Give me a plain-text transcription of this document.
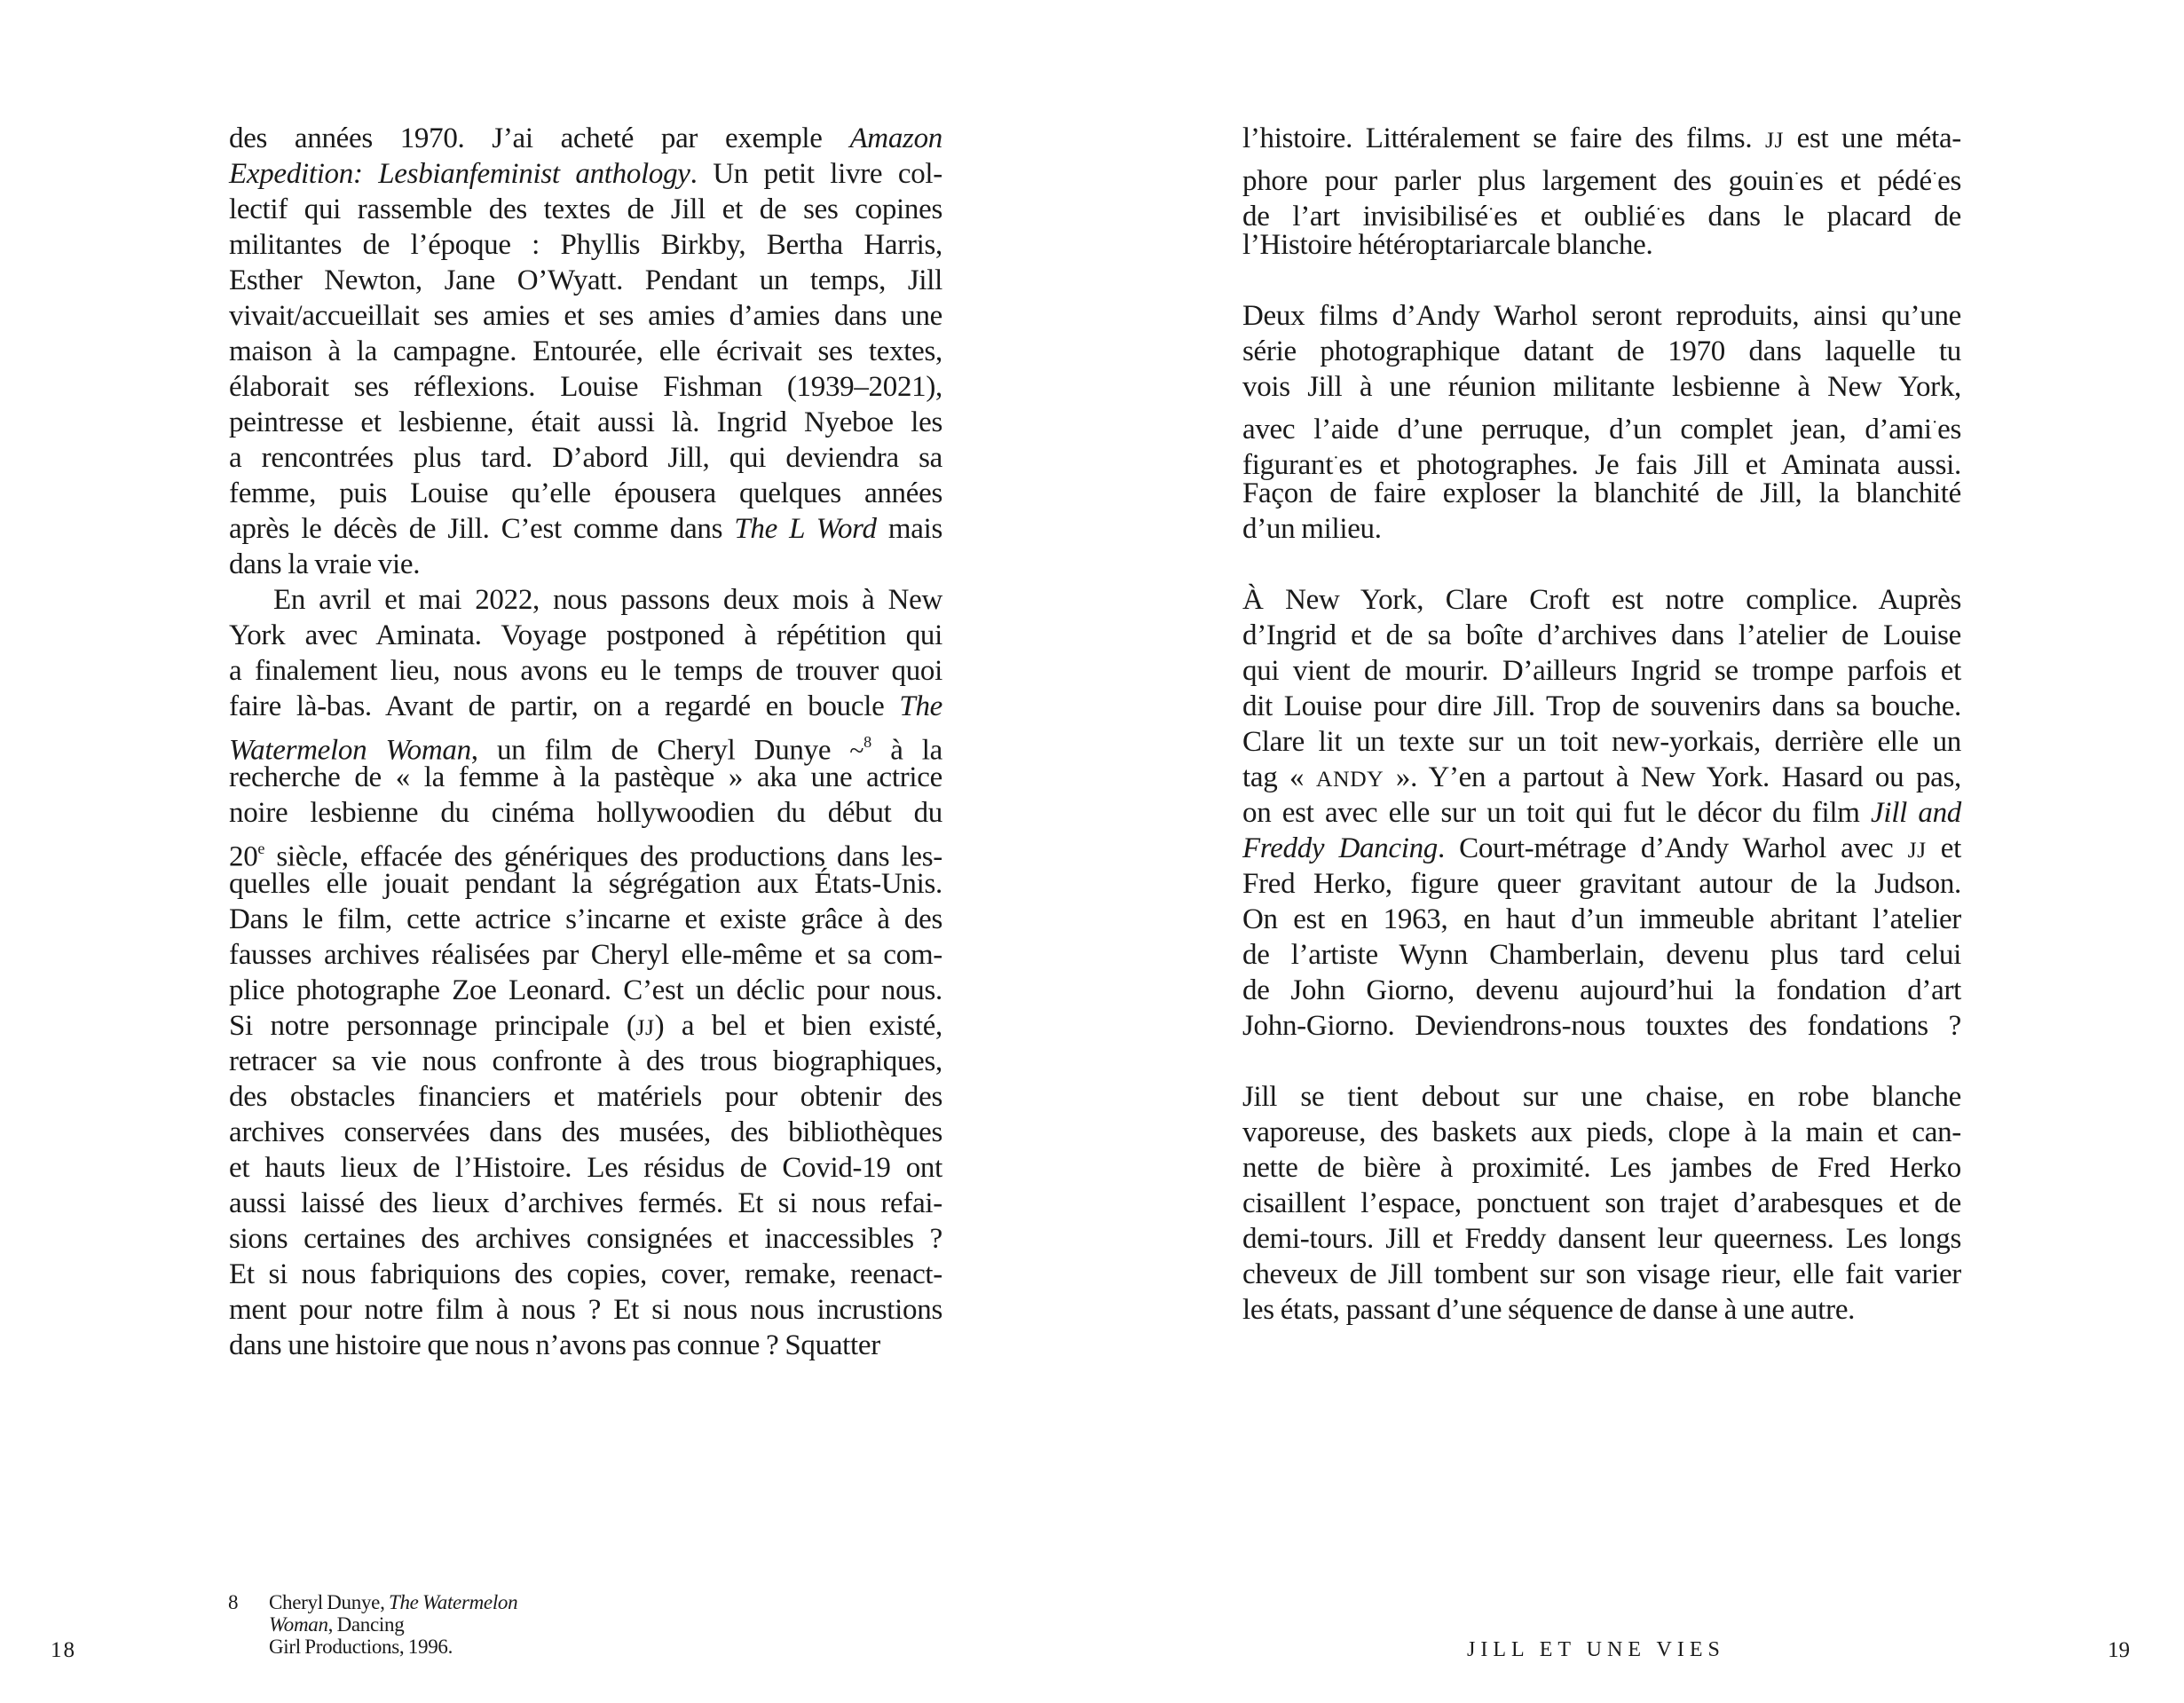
des années 1970. J’ai acheté par exemple Amazon
Expedition: Lesbianfeminist anthology. Un petit livre col-
lectif qui rassemble des textes de Jill et de ses copines
militantes de l’époque : Phyllis Birkby, Bertha Harris,
Esther Newton, Jane O’Wyatt. Pendant un temps, Jill
vivait/accueillait ses amies et ses amies d’amies dans une
maison à la campagne. Entourée, elle écrivait ses textes,
élaborait ses réflexions. Louise Fishman (1939–2021),
peintresse et lesbienne, était aussi là. Ingrid Nyeboe les
a rencontrées plus tard. D’abord Jill, qui deviendra sa
femme, puis Louise qu’elle épousera quelques années
après le décès de Jill. C’est comme dans The L Word mais
dans la vraie vie.
En avril et mai 2022, nous passons deux mois à New
York avec Aminata. Voyage postponed à répétition qui
a finalement lieu, nous avons eu le temps de trouver quoi
faire là-bas. Avant de partir, on a regardé en boucle The
Watermelon Woman, un film de Cheryl Dunye ~$^8$ à la
recherche de « la femme à la pastèque » aka une actrice
noire lesbienne du cinéma hollywoodien du début du
20e siècle, effacée des génériques des productions dans les-
quelles elle jouait pendant la ségrégation aux États-Unis.
Dans le film, cette actrice s’incarne et existe grâce à des
fausses archives réalisées par Cheryl elle-même et sa com-
plice photographe Zoe Leonard. C’est un déclic pour nous.
Si notre personnage principale (JJ) a bel et bien existé,
retracer sa vie nous confronte à des trous biographiques,
des obstacles financiers et matériels pour obtenir des
archives conservées dans des musées, des bibliothèques
et hauts lieux de l’Histoire. Les résidus de Covid-19 ont
aussi laissé des lieux d’archives fermés. Et si nous refai-
sions certaines des archives consignées et inaccessibles ?
Et si nous fabriquions des copies, cover, remake, reenact-
ment pour notre film à nous ? Et si nous nous incrustions
dans une histoire que nous n’avons pas connue ? Squatter
8 Cheryl Dunye, The Watermelon
Woman, Dancing
Girl Productions, 1996.
18
l’histoire. Littéralement se faire des films. JJ est une méta-
phore pour parler plus largement des gouin·es et pédé·es
de l’art invisibilisé·es et oublié·es dans le placard de
l’Histoire hétéroptariarcale blanche.
Deux films d’Andy Warhol seront reproduits, ainsi qu’une
série photographique datant de 1970 dans laquelle tu
vois Jill à une réunion militante lesbienne à New York,
avec l’aide d’une perruque, d’un complet jean, d’ami·es
figurant·es et photographes. Je fais Jill et Aminata aussi.
Façon de faire exploser la blanchité de Jill, la blanchité
d’un milieu.
À New York, Clare Croft est notre complice. Auprès
d’Ingrid et de sa boîte d’archives dans l’atelier de Louise
qui vient de mourir. D’ailleurs Ingrid se trompe parfois et
dit Louise pour dire Jill. Trop de souvenirs dans sa bouche.
Clare lit un texte sur un toit new-yorkais, derrière elle un
tag « ANDY ». Y’en a partout à New York. Hasard ou pas,
on est avec elle sur un toit qui fut le décor du film Jill and
Freddy Dancing. Court-métrage d’Andy Warhol avec JJ et
Fred Herko, figure queer gravitant autour de la Judson.
On est en 1963, en haut d’un immeuble abritant l’atelier
de l’artiste Wynn Chamberlain, devenu plus tard celui
de John Giorno, devenu aujourd’hui la fondation d’art
John-Giorno. Deviendrons-nous touxtes des fondations ?
Jill se tient debout sur une chaise, en robe blanche
vaporeuse, des baskets aux pieds, clope à la main et can-
nette de bière à proximité. Les jambes de Fred Herko
cisaillent l’espace, ponctuent son trajet d’arabesques et de
demi-tours. Jill et Freddy dansent leur queerness. Les longs
cheveux de Jill tombent sur son visage rieur, elle fait varier
les états, passant d’une séquence de danse à une autre.
JILL ET UNE VIES	19
